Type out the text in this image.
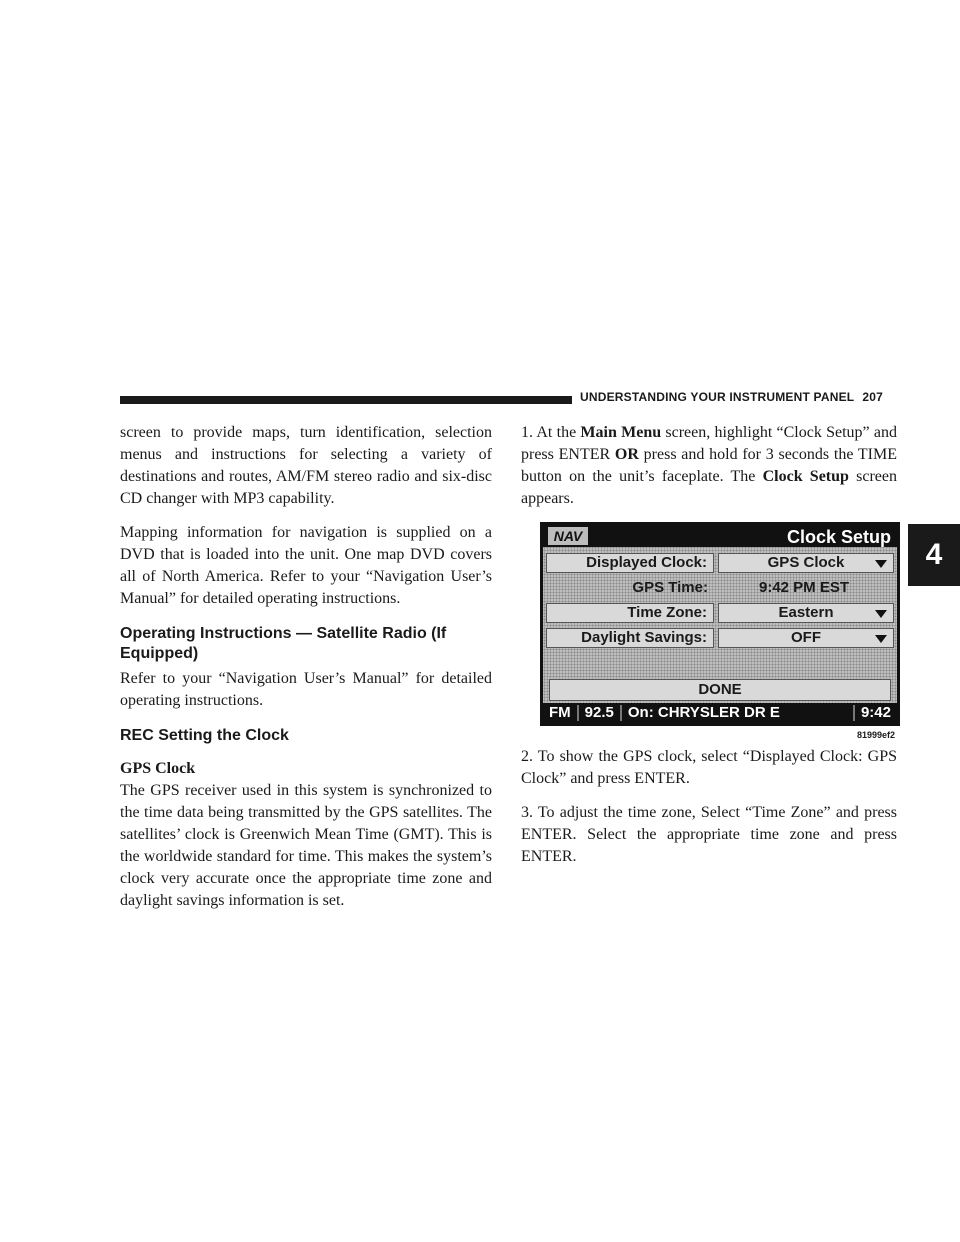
UNDERSTANDING YOUR INSTRUMENT PANEL 207
4

screen to provide maps, turn identification, selection menus and instructions for selecting a variety of destinations and routes, AM/FM stereo radio and six-disc CD changer with MP3 capability.

Mapping information for navigation is supplied on a DVD that is loaded into the unit. One map DVD covers all of North America. Refer to your “Navigation User’s Manual” for detailed operating instructions.

Operating Instructions — Satellite Radio (If Equipped)

Refer to your “Navigation User’s Manual” for detailed operating instructions.

REC Setting the Clock
GPS Clock

The GPS receiver used in this system is synchronized to the time data being transmitted by the GPS satellites. The satellites’ clock is Greenwich Mean Time (GMT). This is the worldwide standard for time. This makes the system’s clock very accurate once the appropriate time zone and daylight savings information is set.

1. At the Main Menu screen, highlight “Clock Setup” and press ENTER OR press and hold for 3 seconds the TIME button on the unit’s faceplate. The Clock Setup screen appears.

NAV	Clock Setup
Displayed Clock:	GPS Clock
GPS Time:	9:42 PM EST
Time Zone:	Eastern
Daylight Savings:	OFF
DONE
FM 92.5 On: CHRYSLER DR E	9:42
81999ef2

2. To show the GPS clock, select “Displayed Clock: GPS Clock” and press ENTER.

3. To adjust the time zone, Select “Time Zone” and press ENTER. Select the appropriate time zone and press ENTER.
